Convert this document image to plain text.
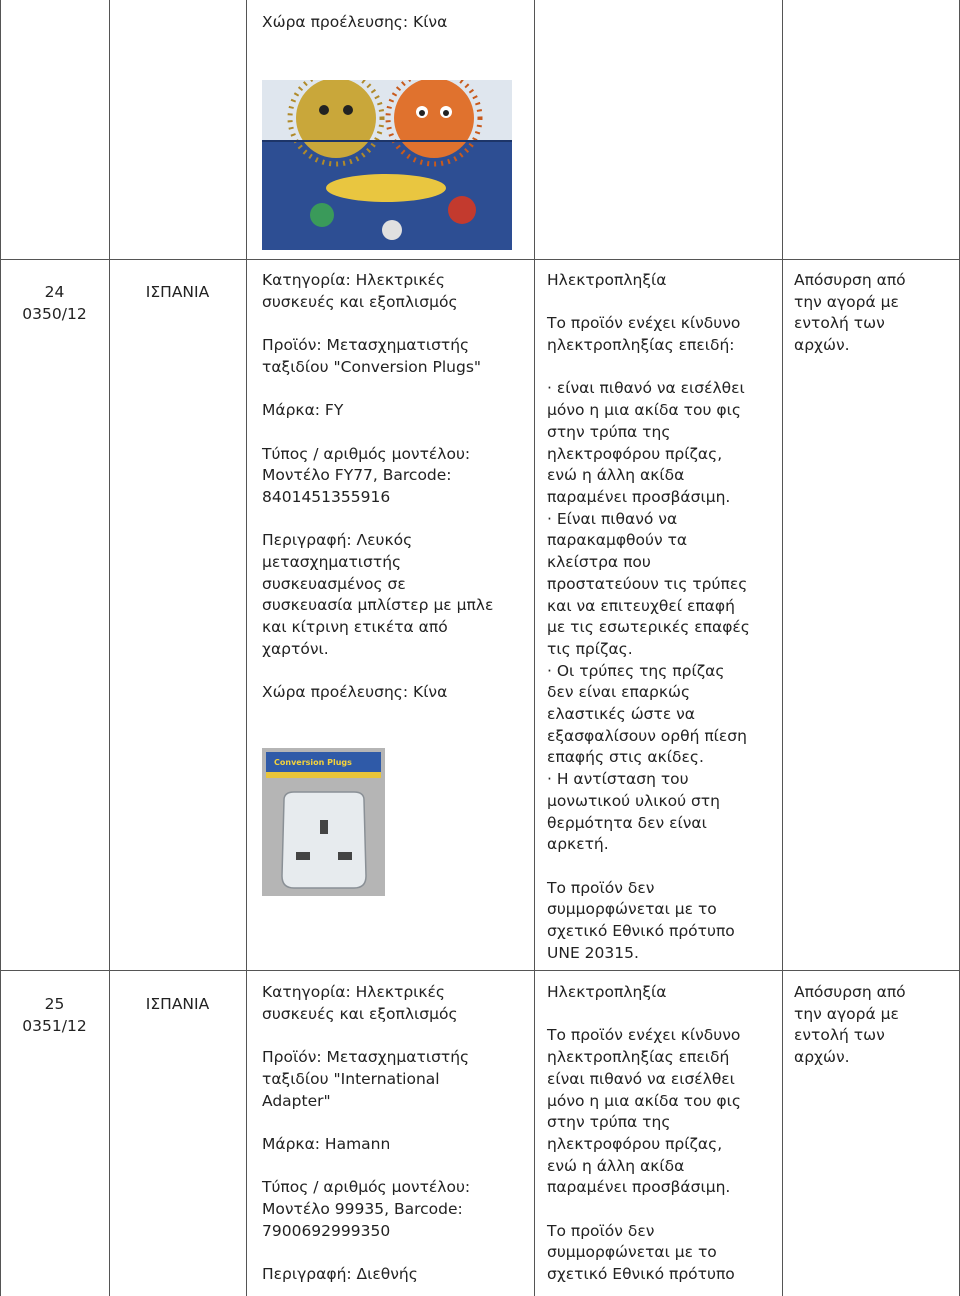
Χώρα προέλευσης: Κίνα

24

0350/12

ΙΣΠΑΝΙΑ

Κατηγορία: Ηλεκτρικές

συσκευές και εξοπλισμός

Προϊόν: Μετασχηματιστής

ταξιδίου "Conversion Plugs"

Μάρκα: FY

Τύπος / αριθμός μοντέλου:

Μοντέλο FY77, Barcode:

8401451355916

Περιγραφή: Λευκός

μετασχηματιστής

συσκευασμένος σε

συσκευασία μπλίστερ με μπλε

και κίτρινη ετικέτα από

χαρτόνι.

Χώρα προέλευσης: Κίνα

Conversion Plugs

Ηλεκτροπληξία

Το προϊόν ενέχει κίνδυνο

ηλεκτροπληξίας επειδή:

· είναι πιθανό να εισέλθει

μόνο η μια ακίδα του φις

στην τρύπα της

ηλεκτροφόρου πρίζας,

ενώ η άλλη ακίδα

παραμένει προσβάσιμη.

· Είναι πιθανό να

παρακαμφθούν τα

κλείστρα που

προστατεύουν τις τρύπες

και να επιτευχθεί επαφή

με τις εσωτερικές επαφές

τις πρίζας.

· Οι τρύπες της πρίζας

δεν είναι επαρκώς

ελαστικές ώστε να

εξασφαλίσουν ορθή πίεση

επαφής στις ακίδες.

· Η αντίσταση του

μονωτικού υλικού στη

θερμότητα δεν είναι

αρκετή.

Το προϊόν δεν

συμμορφώνεται με το

σχετικό Εθνικό πρότυπο

UNE 20315.

Απόσυρση από

την αγορά με

εντολή των

αρχών.

25

0351/12

ΙΣΠΑΝΙΑ

Κατηγορία: Ηλεκτρικές

συσκευές και εξοπλισμός

Προϊόν: Μετασχηματιστής

ταξιδίου "International

Adapter"

Μάρκα: Hamann

Τύπος / αριθμός μοντέλου:

Μοντέλο 99935, Barcode:

7900692999350

Περιγραφή: Διεθνής

Ηλεκτροπληξία

Το προϊόν ενέχει κίνδυνο

ηλεκτροπληξίας επειδή

είναι πιθανό να εισέλθει

μόνο η μια ακίδα του φις

στην τρύπα της

ηλεκτροφόρου πρίζας,

ενώ η άλλη ακίδα

παραμένει προσβάσιμη.

Το προϊόν δεν

συμμορφώνεται με το

σχετικό Εθνικό πρότυπο

Απόσυρση από

την αγορά με

εντολή των

αρχών.
